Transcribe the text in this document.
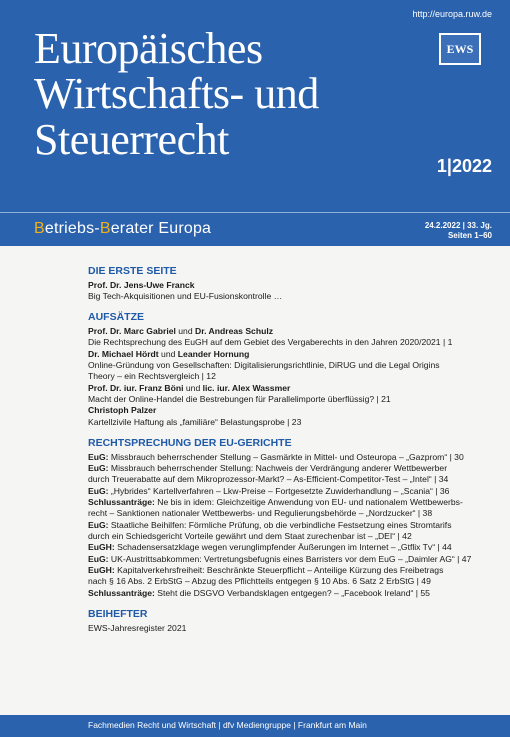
http://europa.ruw.de
Europäisches
Wirtschafts- und
Steuerrecht
EWS
1|2022
Betriebs-Berater Europa	24.2.2022 | 33. Jg.
Seiten 1–60
DIE ERSTE SEITE
Prof. Dr. Jens-Uwe Franck
Big Tech-Akquisitionen und EU-Fusionskontrolle …
AUFSÄTZE
Prof. Dr. Marc Gabriel und Dr. Andreas Schulz
Die Rechtsprechung des EuGH auf dem Gebiet des Vergaberechts in den Jahren 2020/2021 | 1
Dr. Michael Hördt und Leander Hornung
Online-Gründung von Gesellschaften: Digitalisierungsrichtlinie, DiRUG und die Legal Origins
Theory – ein Rechtsvergleich | 12
Prof. Dr. iur. Franz Böni und lic. iur. Alex Wassmer
Macht der Online-Handel die Bestrebungen für Parallelimporte überflüssig? | 21
Christoph Palzer
Kartellzivile Haftung als „familiäre“ Belastungsprobe | 23
RECHTSPRECHUNG DER EU-GERICHTE
EuG: Missbrauch beherrschender Stellung – Gasmärkte in Mittel- und Osteuropa – „Gazprom“ | 30
EuG: Missbrauch beherrschender Stellung: Nachweis der Verdrängung anderer Wettbewerber
durch Treuerabatte auf dem Mikroprozessor-Markt? – As-Efficient-Competitor-Test – „Intel“ | 34
EuG: „Hybrides“ Kartellverfahren – Lkw-Preise – Fortgesetzte Zuwiderhandlung – „Scania“ | 36
Schlussanträge: Ne bis in idem: Gleichzeitige Anwendung von EU- und nationalem Wettbewerbs-
recht – Sanktionen nationaler Wettbewerbs- und Regulierungsbehörde – „Nordzucker“ | 38
EuG: Staatliche Beihilfen: Förmliche Prüfung, ob die verbindliche Festsetzung eines Stromtarifs
durch ein Schiedsgericht Vorteile gewährt und dem Staat zurechenbar ist – „DEI“ | 42
EuGH: Schadensersatzklage wegen verunglimpfender Äußerungen im Internet – „Gtflix Tv“ | 44
EuG: UK-Austrittsabkommen: Vertretungsbefugnis eines Barristers vor dem EuG – „Daimler AG“ | 47
EuGH: Kapitalverkehrsfreiheit: Beschränkte Steuerpflicht – Anteilige Kürzung des Freibetrags
nach § 16 Abs. 2 ErbStG – Abzug des Pflichtteils entgegen § 10 Abs. 6 Satz 2 ErbStG | 49
Schlussanträge: Steht die DSGVO Verbandsklagen entgegen? – „Facebook Ireland“ | 55
BEIHEFTER
EWS-Jahresregister 2021
Fachmedien Recht und Wirtschaft | dfv Mediengruppe | Frankfurt am Main
